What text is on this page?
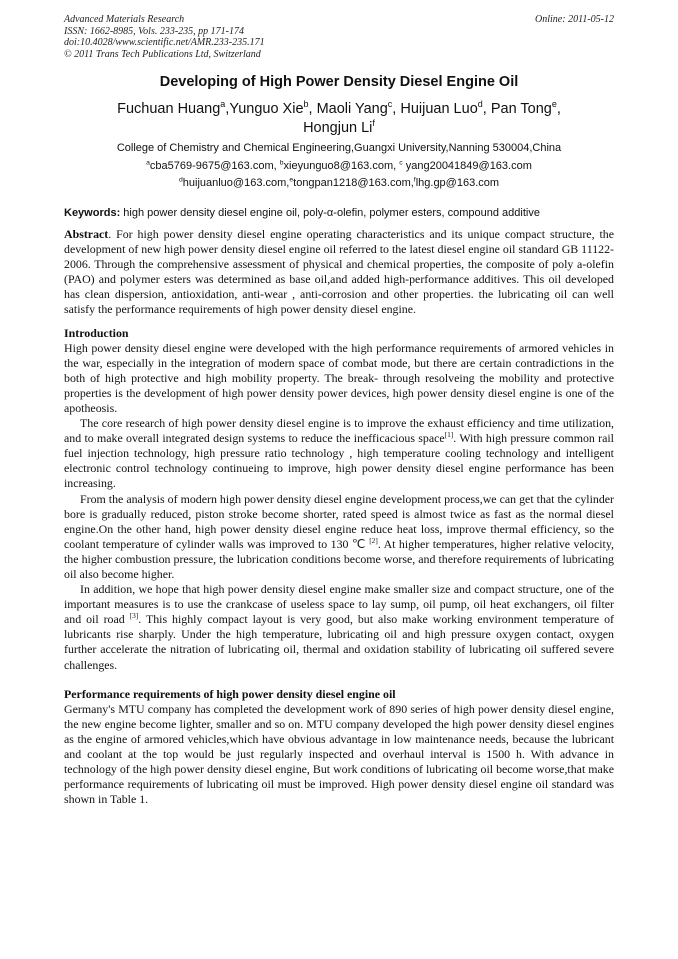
Advanced Materials Research
ISSN: 1662-8985, Vols. 233-235, pp 171-174
doi:10.4028/www.scientific.net/AMR.233-235.171
© 2011 Trans Tech Publications Ltd, Switzerland
Online: 2011-05-12
Developing of High Power Density Diesel Engine Oil
Fuchuan Huang$^a$,Yunguo Xie$^b$, Maoli Yang$^c$, Huijuan Luo$^d$, Pan Tong$^e$,
Hongjun Li$^f$
College of Chemistry and Chemical Engineering,Guangxi University,Nanning 530004,China
$^a$cba5769-9675@163.com, $^b$xieyunguo8@163.com, $^c$ yang20041849@163.com
$^d$huijuanluo@163.com,$^e$tongpan1218@163.com,$^f$lhg.gp@163.com
Keywords: high power density diesel engine oil, poly-α-olefin, polymer esters, compound additive
Abstract. For high power density diesel engine operating characteristics and its unique compact structure, the development of new high power density diesel engine oil referred to the latest diesel engine oil standard GB 11122-2006. Through the comprehensive assessment of physical and chemical properties, the composite of poly a-olefin (PAO) and polymer esters was determined as base oil,and added high-performance additives. This oil developed has clean dispersion, antioxidation, anti-wear , anti-corrosion and other properties. the lubricating oil can well satisfy the performance requirements of high power density diesel engine.
Introduction
High power density diesel engine were developed with the high performance requirements of armored vehicles in the war, especially in the integration of modern space of combat mode, but there are certain contradictions in the both of high protective and high mobility property. The break- through resolveing the mobility and protective properties is the development of high power density power devices, high power density diesel engine is one of the apotheosis.
The core research of high power density diesel engine is to improve the exhaust efficiency and time utilization, and to make overall integrated design systems to reduce the inefficacious space[1]. With high pressure common rail fuel injection technology, high pressure ratio technology , high temperature cooling technology and intelligent electronic control technology continueing to improve, high power density diesel engine performance has been increasing.
From the analysis of modern high power density diesel engine development process,we can get that the cylinder bore is gradually reduced, piston stroke become shorter, rated speed is almost twice as fast as the normal diesel engine.On the other hand, high power density diesel engine reduce heat loss, improve thermal efficiency, so the coolant temperature of cylinder walls was improved to 130 ℃ [2]. At higher temperatures, higher relative velocity, the higher combustion pressure, the lubrication conditions become worse, and therefore requirements of lubricating oil also become higher.
In addition, we hope that high power density diesel engine make smaller size and compact structure, one of the important measures is to use the crankcase of useless space to lay sump, oil pump, oil heat exchangers, oil filter and oil road [3]. This highly compact layout is very good, but also make working environment temperature of lubricants rise sharply. Under the high temperature, lubricating oil and high pressure oxygen contact, oxygen further accelerate the nitration of lubricating oil, thermal and oxidation stability of lubricating oil suffered severe challenges.
Performance requirements of high power density diesel engine oil
Germany's MTU company has completed the development work of 890 series of high power density diesel engine, the new engine become lighter, smaller and so on. MTU company developed the high power density diesel engines as the engine of armored vehicles,which have obvious advantage in low maintenance needs, because the lubricant and coolant at the top would be just regularly inspected and overhaul interval is 1500 h. With advance in technology of the high power density diesel engine, But work conditions of lubricating oil become worse,that make performance requirements of lubricating oil must be improved. High power density diesel engine oil standard was shown in Table 1.
